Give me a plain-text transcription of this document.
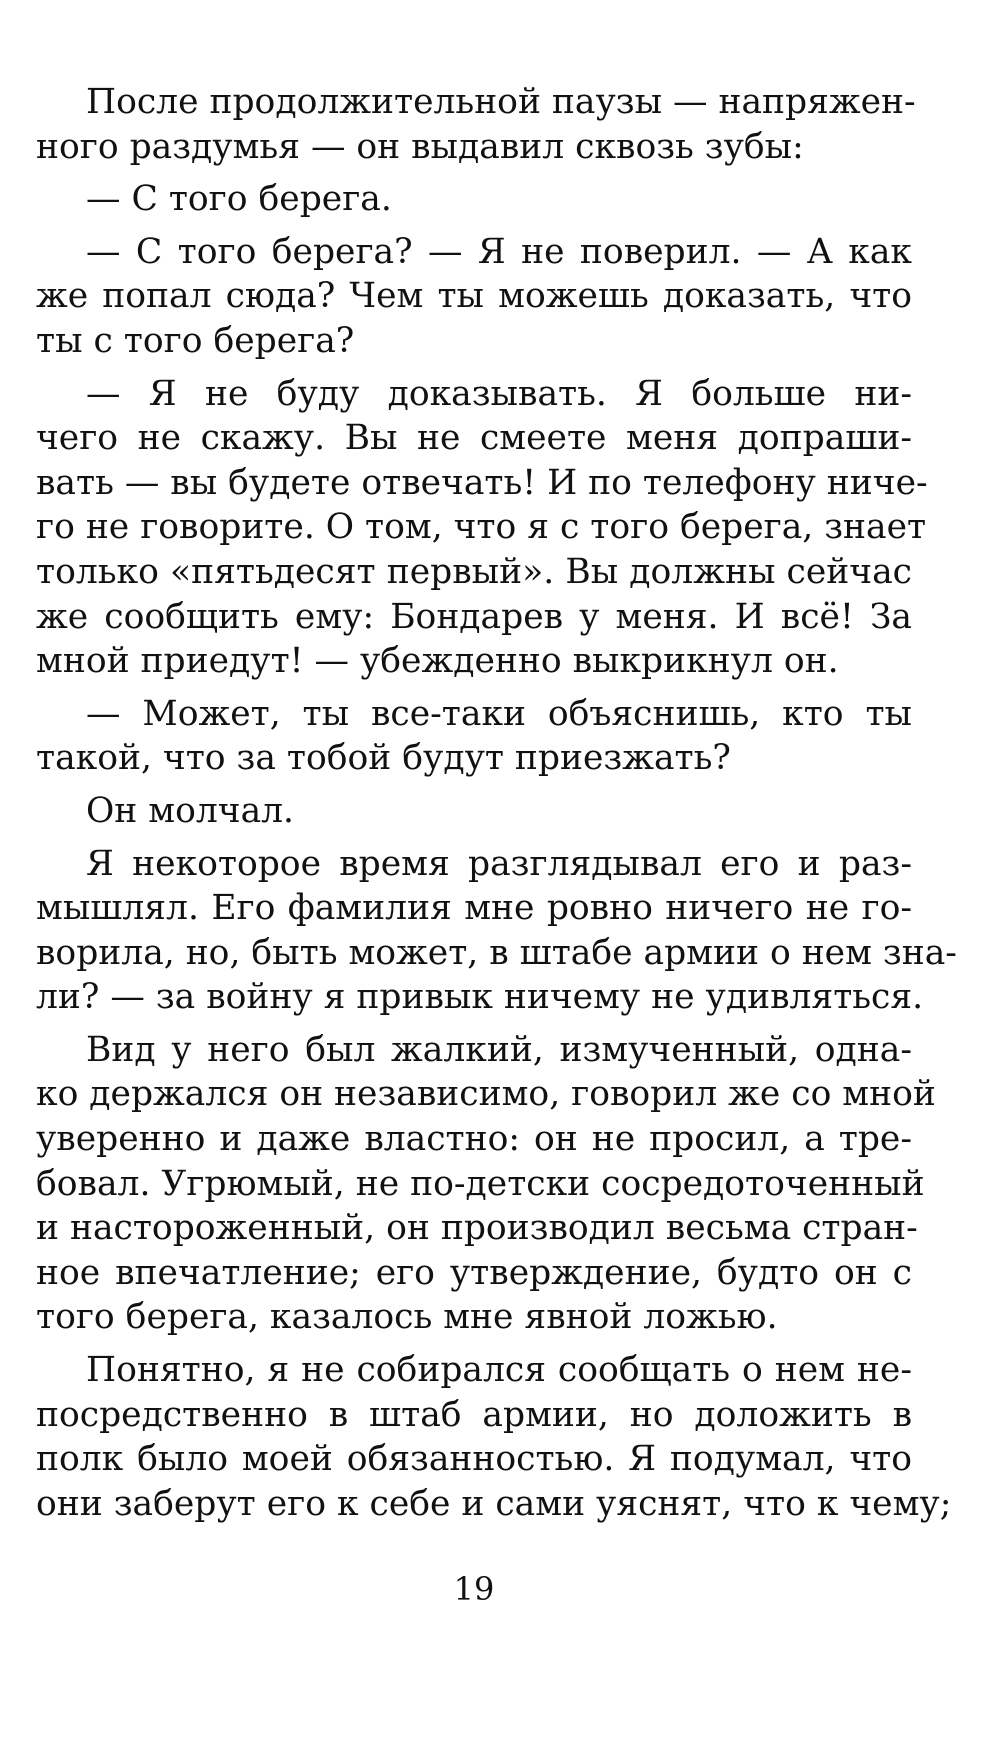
После продолжительной паузы — напряжен-
ного раздумья — он выдавил сквозь зубы:
— С того берега.
— С того берега? — Я не поверил. — А как
же попал сюда? Чем ты можешь доказать, что
ты с того берега?
— Я не буду доказывать. Я больше ни-
чего не скажу. Вы не смеете меня допраши-
вать — вы будете отвечать! И по телефону ниче-
го не говорите. О том, что я с того берега, знает
только «пятьдесят первый». Вы должны сейчас
же сообщить ему: Бондарев у меня. И всё! За
мной приедут! — убежденно выкрикнул он.
— Может, ты все-таки объяснишь, кто ты
такой, что за тобой будут приезжать?
Он молчал.
Я некоторое время разглядывал его и раз-
мышлял. Его фамилия мне ровно ничего не го-
ворила, но, быть может, в штабе армии о нем зна-
ли? — за войну я привык ничему не удивляться.
Вид у него был жалкий, измученный, одна-
ко держался он независимо, говорил же со мной
уверенно и даже властно: он не просил, а тре-
бовал. Угрюмый, не по-детски сосредоточенный
и настороженный, он производил весьма стран-
ное впечатление; его утверждение, будто он с
того берега, казалось мне явной ложью.
Понятно, я не собирался сообщать о нем не-
посредственно в штаб армии, но доложить в
полк было моей обязанностью. Я подумал, что
они заберут его к себе и сами уяснят, что к чему;
19
